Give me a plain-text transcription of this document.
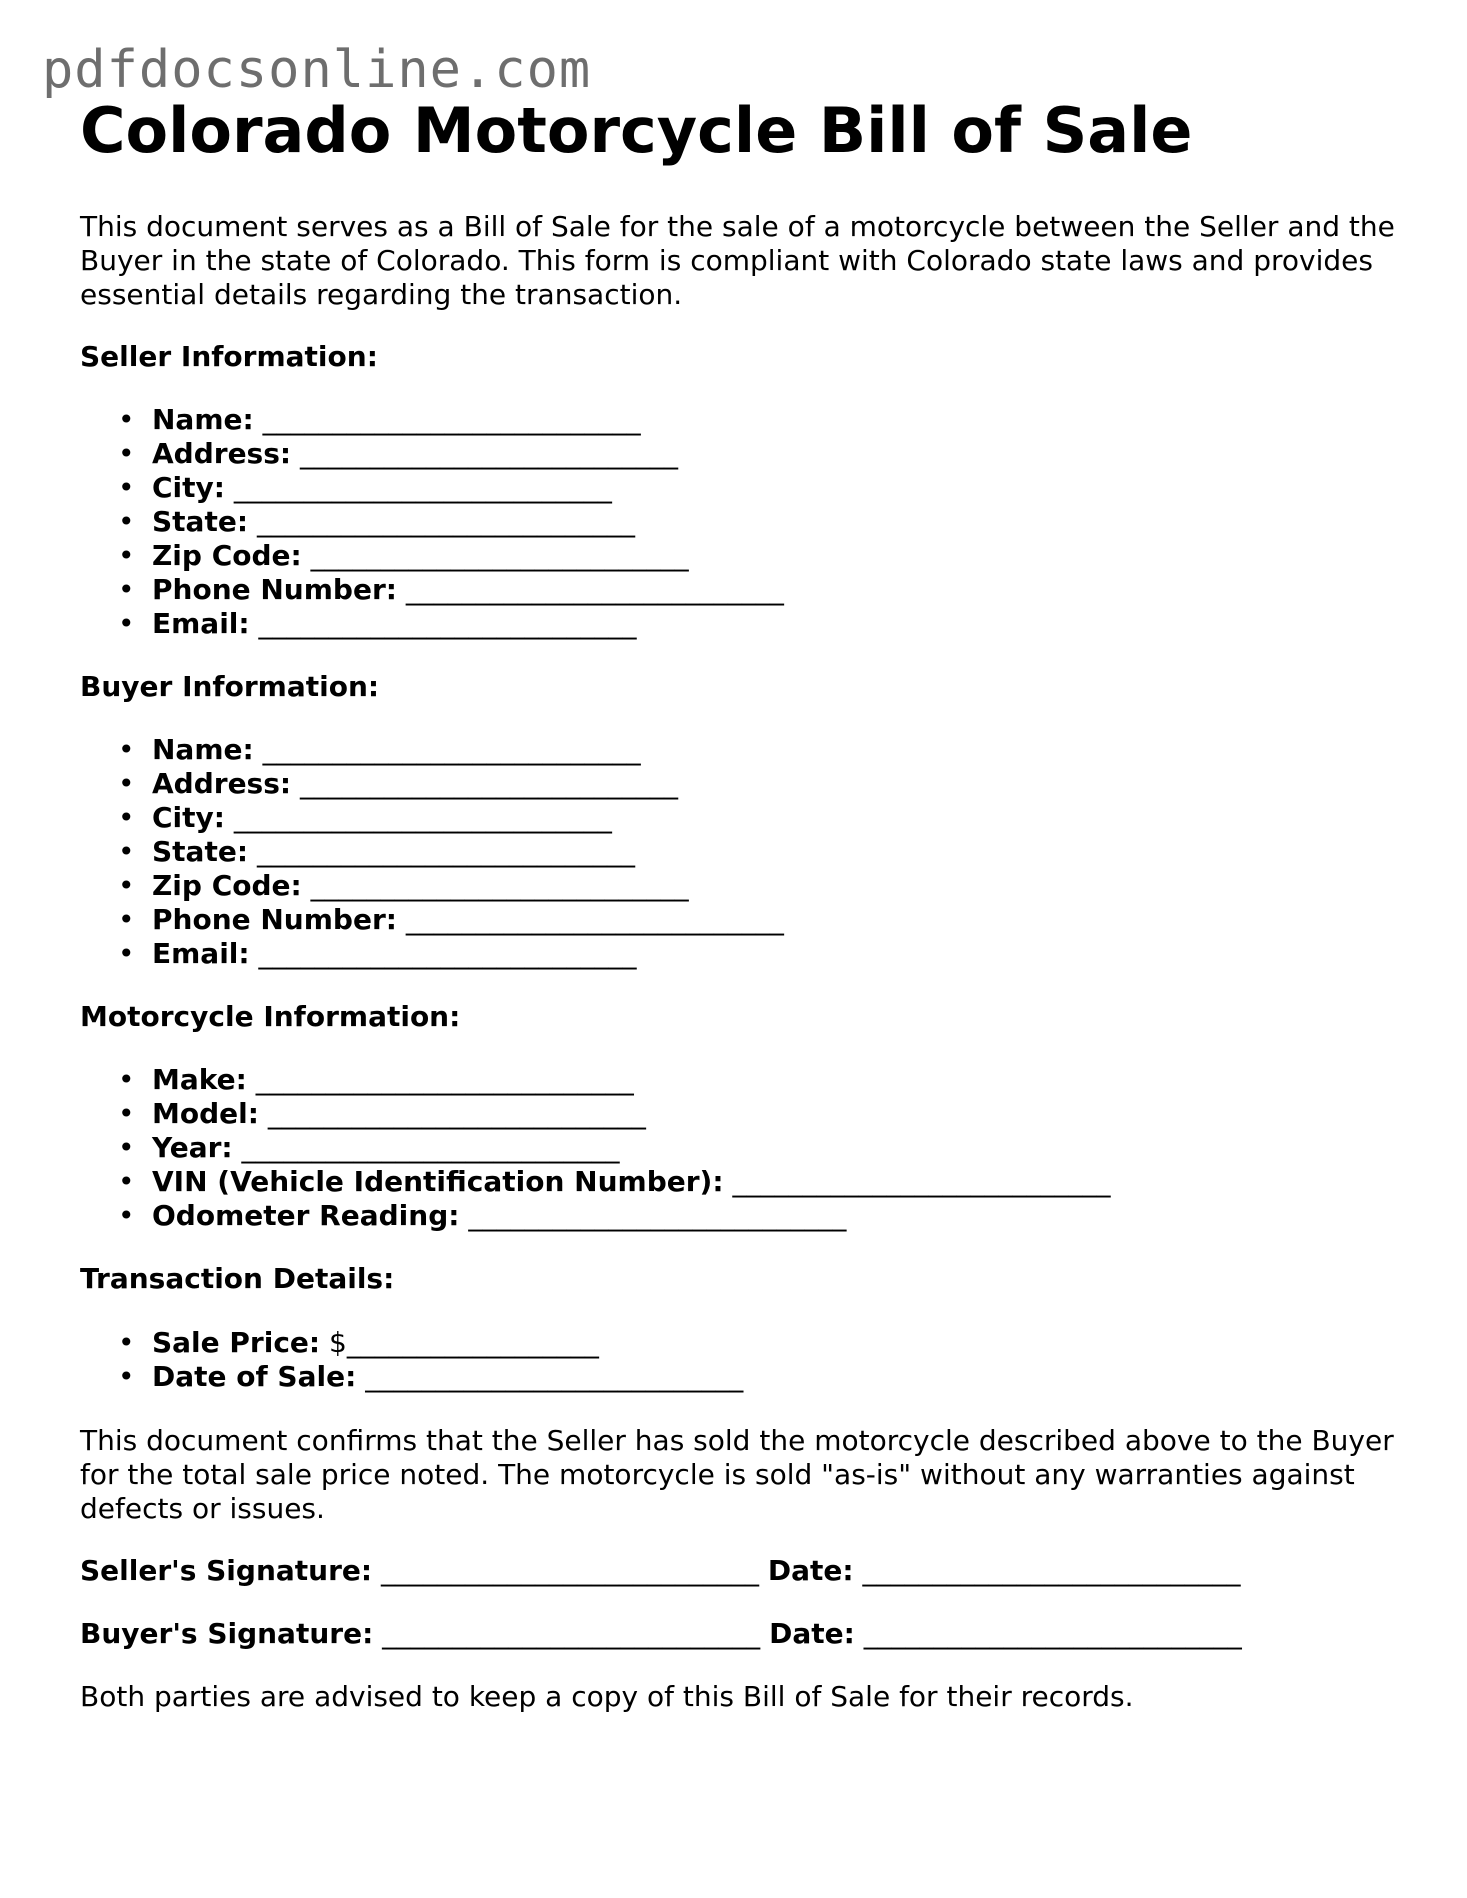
pdfdocsonline.com
Colorado Motorcycle Bill of Sale

This document serves as a Bill of Sale for the sale of a motorcycle between the Seller and the Buyer in the state of Colorado. This form is compliant with Colorado state laws and provides essential details regarding the transaction.

Seller Information:

• Name: ___________________________
• Address: ___________________________
• City: ___________________________
• State: ___________________________
• Zip Code: ___________________________
• Phone Number: ___________________________
• Email: ___________________________

Buyer Information:

• Name: ___________________________
• Address: ___________________________
• City: ___________________________
• State: ___________________________
• Zip Code: ___________________________
• Phone Number: ___________________________
• Email: ___________________________

Motorcycle Information:

• Make: ___________________________
• Model: ___________________________
• Year: ___________________________
• VIN (Vehicle Identification Number): ___________________________
• Odometer Reading: ___________________________

Transaction Details:

• Sale Price: $__________________
• Date of Sale: ___________________________

This document confirms that the Seller has sold the motorcycle described above to the Buyer for the total sale price noted. The motorcycle is sold "as-is" without any warranties against defects or issues.

Seller's Signature: ___________________________ Date: ___________________________

Buyer's Signature: ___________________________ Date: ___________________________

Both parties are advised to keep a copy of this Bill of Sale for their records.
